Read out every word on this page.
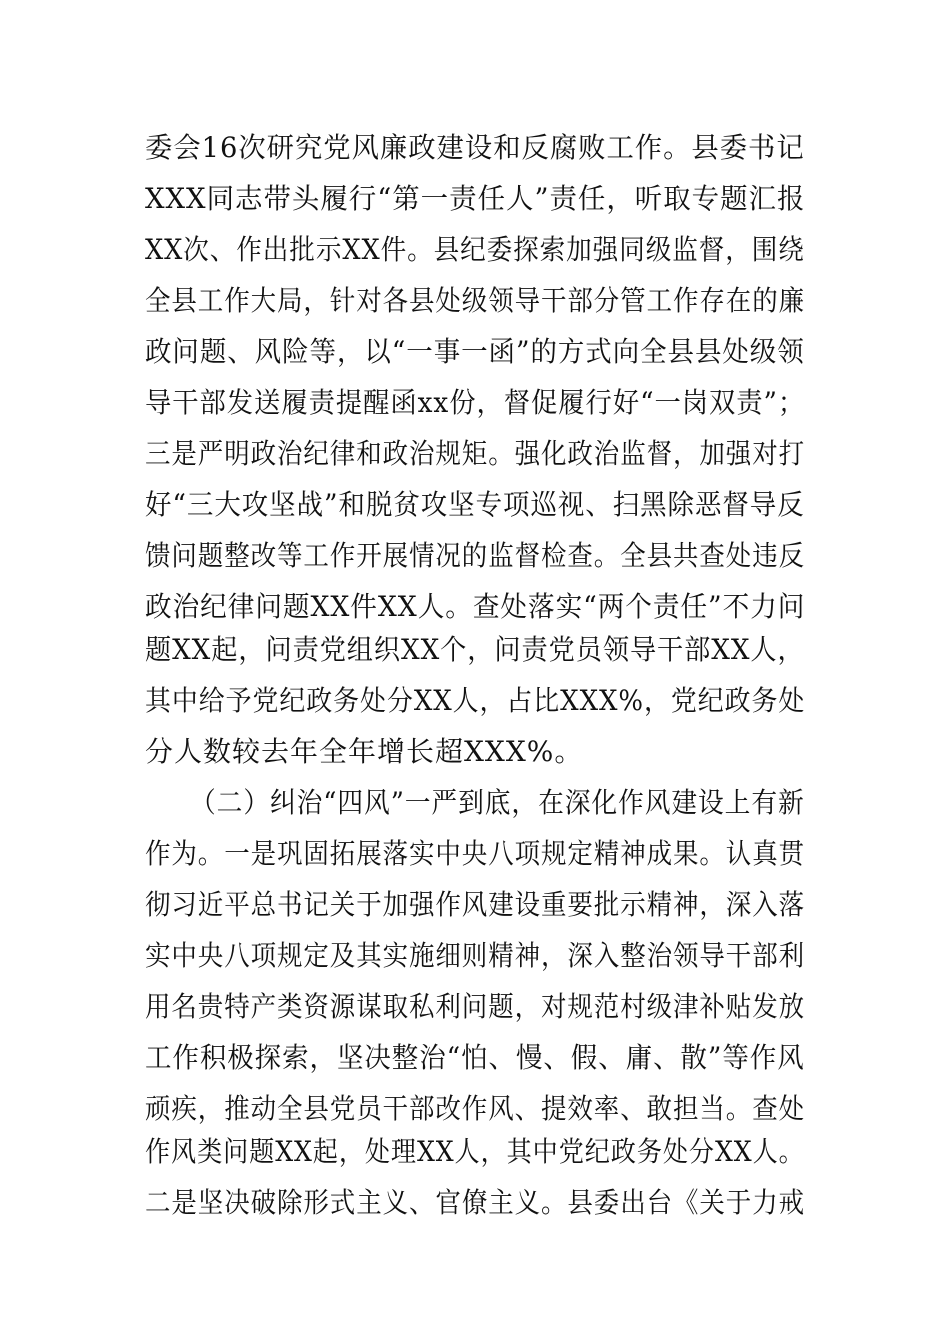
委会16次研究党风廉政建设和反腐败工作。县委书记
XXX同志带头履行“第一责任人”责任，听取专题汇报
XX次、作出批示XX件。县纪委探索加强同级监督，围绕
全县工作大局，针对各县处级领导干部分管工作存在的廉
政问题、风险等，以“一事一函”的方式向全县县处级领
导干部发送履责提醒函xx份，督促履行好“一岗双责”；
三是严明政治纪律和政治规矩。强化政治监督，加强对打
好“三大攻坚战”和脱贫攻坚专项巡视、扫黑除恶督导反
馈问题整改等工作开展情况的监督检查。全县共查处违反
政治纪律问题XX件XX人。查处落实“两个责任”不力问
题XX起，问责党组织XX个，问责党员领导干部XX人，
其中给予党纪政务处分XX人，占比XXX%，党纪政务处
分人数较去年全年增长超XXX%。
（二）纠治“四风”一严到底，在深化作风建设上有新
作为。一是巩固拓展落实中央八项规定精神成果。认真贯
彻习近平总书记关于加强作风建设重要批示精神，深入落
实中央八项规定及其实施细则精神，深入整治领导干部利
用名贵特产类资源谋取私利问题，对规范村级津补贴发放
工作积极探索，坚决整治“怕、慢、假、庸、散”等作风
顽疾，推动全县党员干部改作风、提效率、敢担当。查处
作风类问题XX起，处理XX人，其中党纪政务处分XX人。
二是坚决破除形式主义、官僚主义。县委出台《关于力戒
